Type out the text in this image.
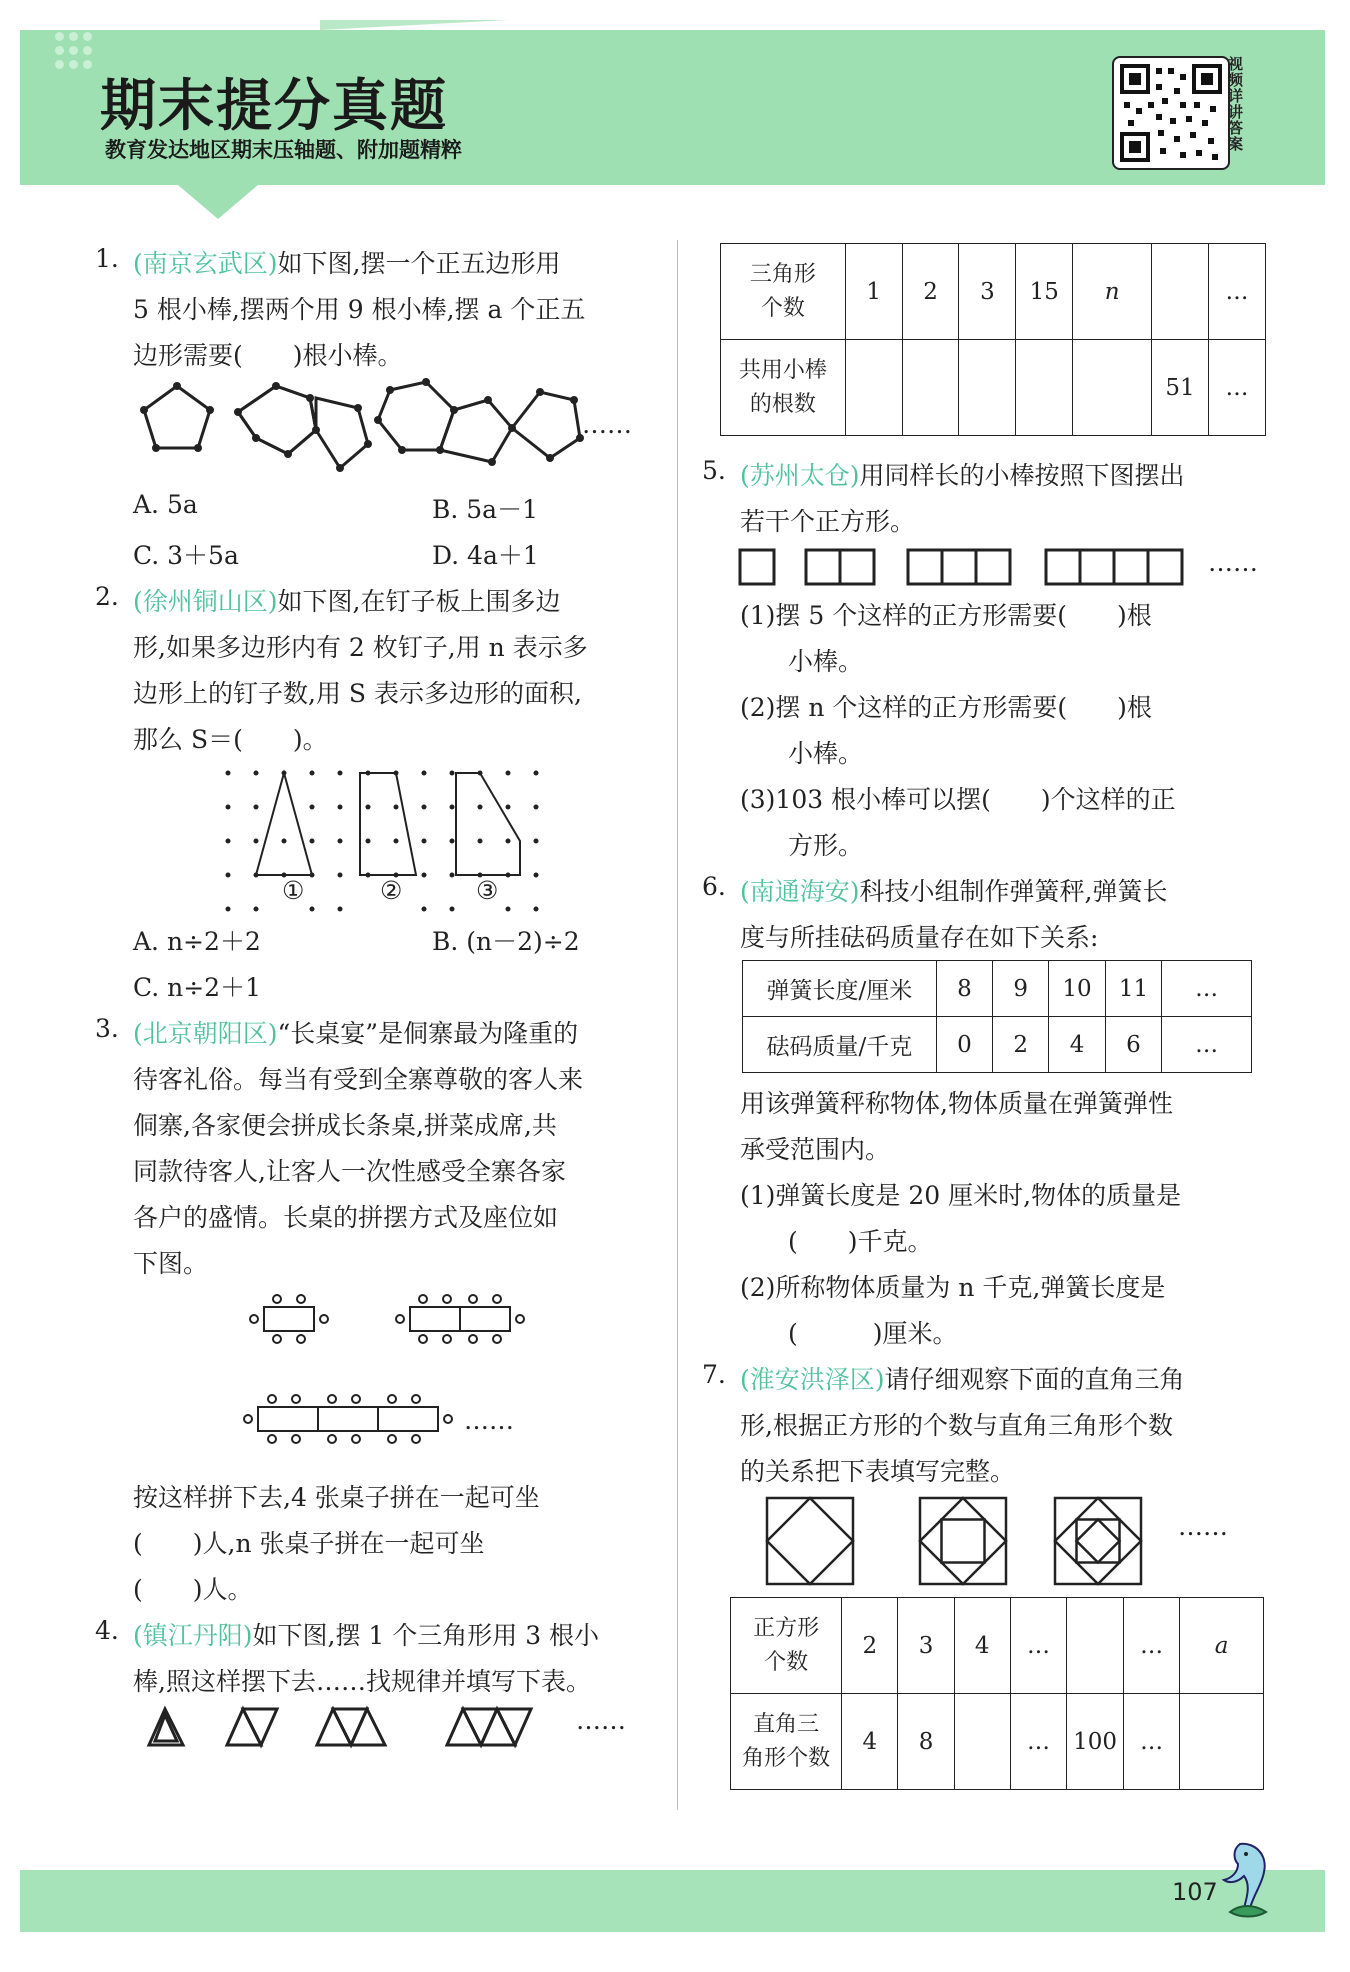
期末提分真题
教育发达地区期末压轴题、附加题精粹
视频详讲答案
1. (南京玄武区)如下图,摆一个正五边形用
5 根小棒,摆两个用 9 根小棒,摆 a 个正五
边形需要(　　)根小棒。
……
A. 5a	B. 5a－1
C. 3＋5a	D. 4a＋1
2. (徐州铜山区)如下图,在钉子板上围多边
形,如果多边形内有 2 枚钉子,用 n 表示多
边形上的钉子数,用 S 表示多边形的面积,
那么 S＝(　　)。
①	②	③
A. n÷2＋2	B. (n－2)÷2
C. n÷2＋1
3. (北京朝阳区)“长桌宴”是侗寨最为隆重的
待客礼俗。每当有受到全寨尊敬的客人来
侗寨,各家便会拼成长条桌,拼菜成席,共
同款待客人,让客人一次性感受全寨各家
各户的盛情。长桌的拼摆方式及座位如
下图。
……
按这样拼下去,4 张桌子拼在一起可坐
(　　)人,n 张桌子拼在一起可坐
(　　)人。
4. (镇江丹阳)如下图,摆 1 个三角形用 3 根小
棒,照这样摆下去……找规律并填写下表。
……
三角形
个数	1	2	3	15	n		…
共用小棒
的根数						51	…
5. (苏州太仓)用同样长的小棒按照下图摆出
若干个正方形。
……
(1)摆 5 个这样的正方形需要(　　)根
小棒。
(2)摆 n 个这样的正方形需要(　　)根
小棒。
(3)103 根小棒可以摆(　　)个这样的正
方形。
6. (南通海安)科技小组制作弹簧秤,弹簧长
度与所挂砝码质量存在如下关系:
弹簧长度/厘米	8	9	10	11	…
砝码质量/千克	0	2	4	6	…
用该弹簧秤称物体,物体质量在弹簧弹性
承受范围内。
(1)弹簧长度是 20 厘米时,物体的质量是
(　　)千克。
(2)所称物体质量为 n 千克,弹簧长度是
(　　　)厘米。
7. (淮安洪泽区)请仔细观察下面的直角三角
形,根据正方形的个数与直角三角形个数
的关系把下表填写完整。
……
正方形
个数	2	3	4	…		…	a
直角三
角形个数	4	8		…	100	…	
107
